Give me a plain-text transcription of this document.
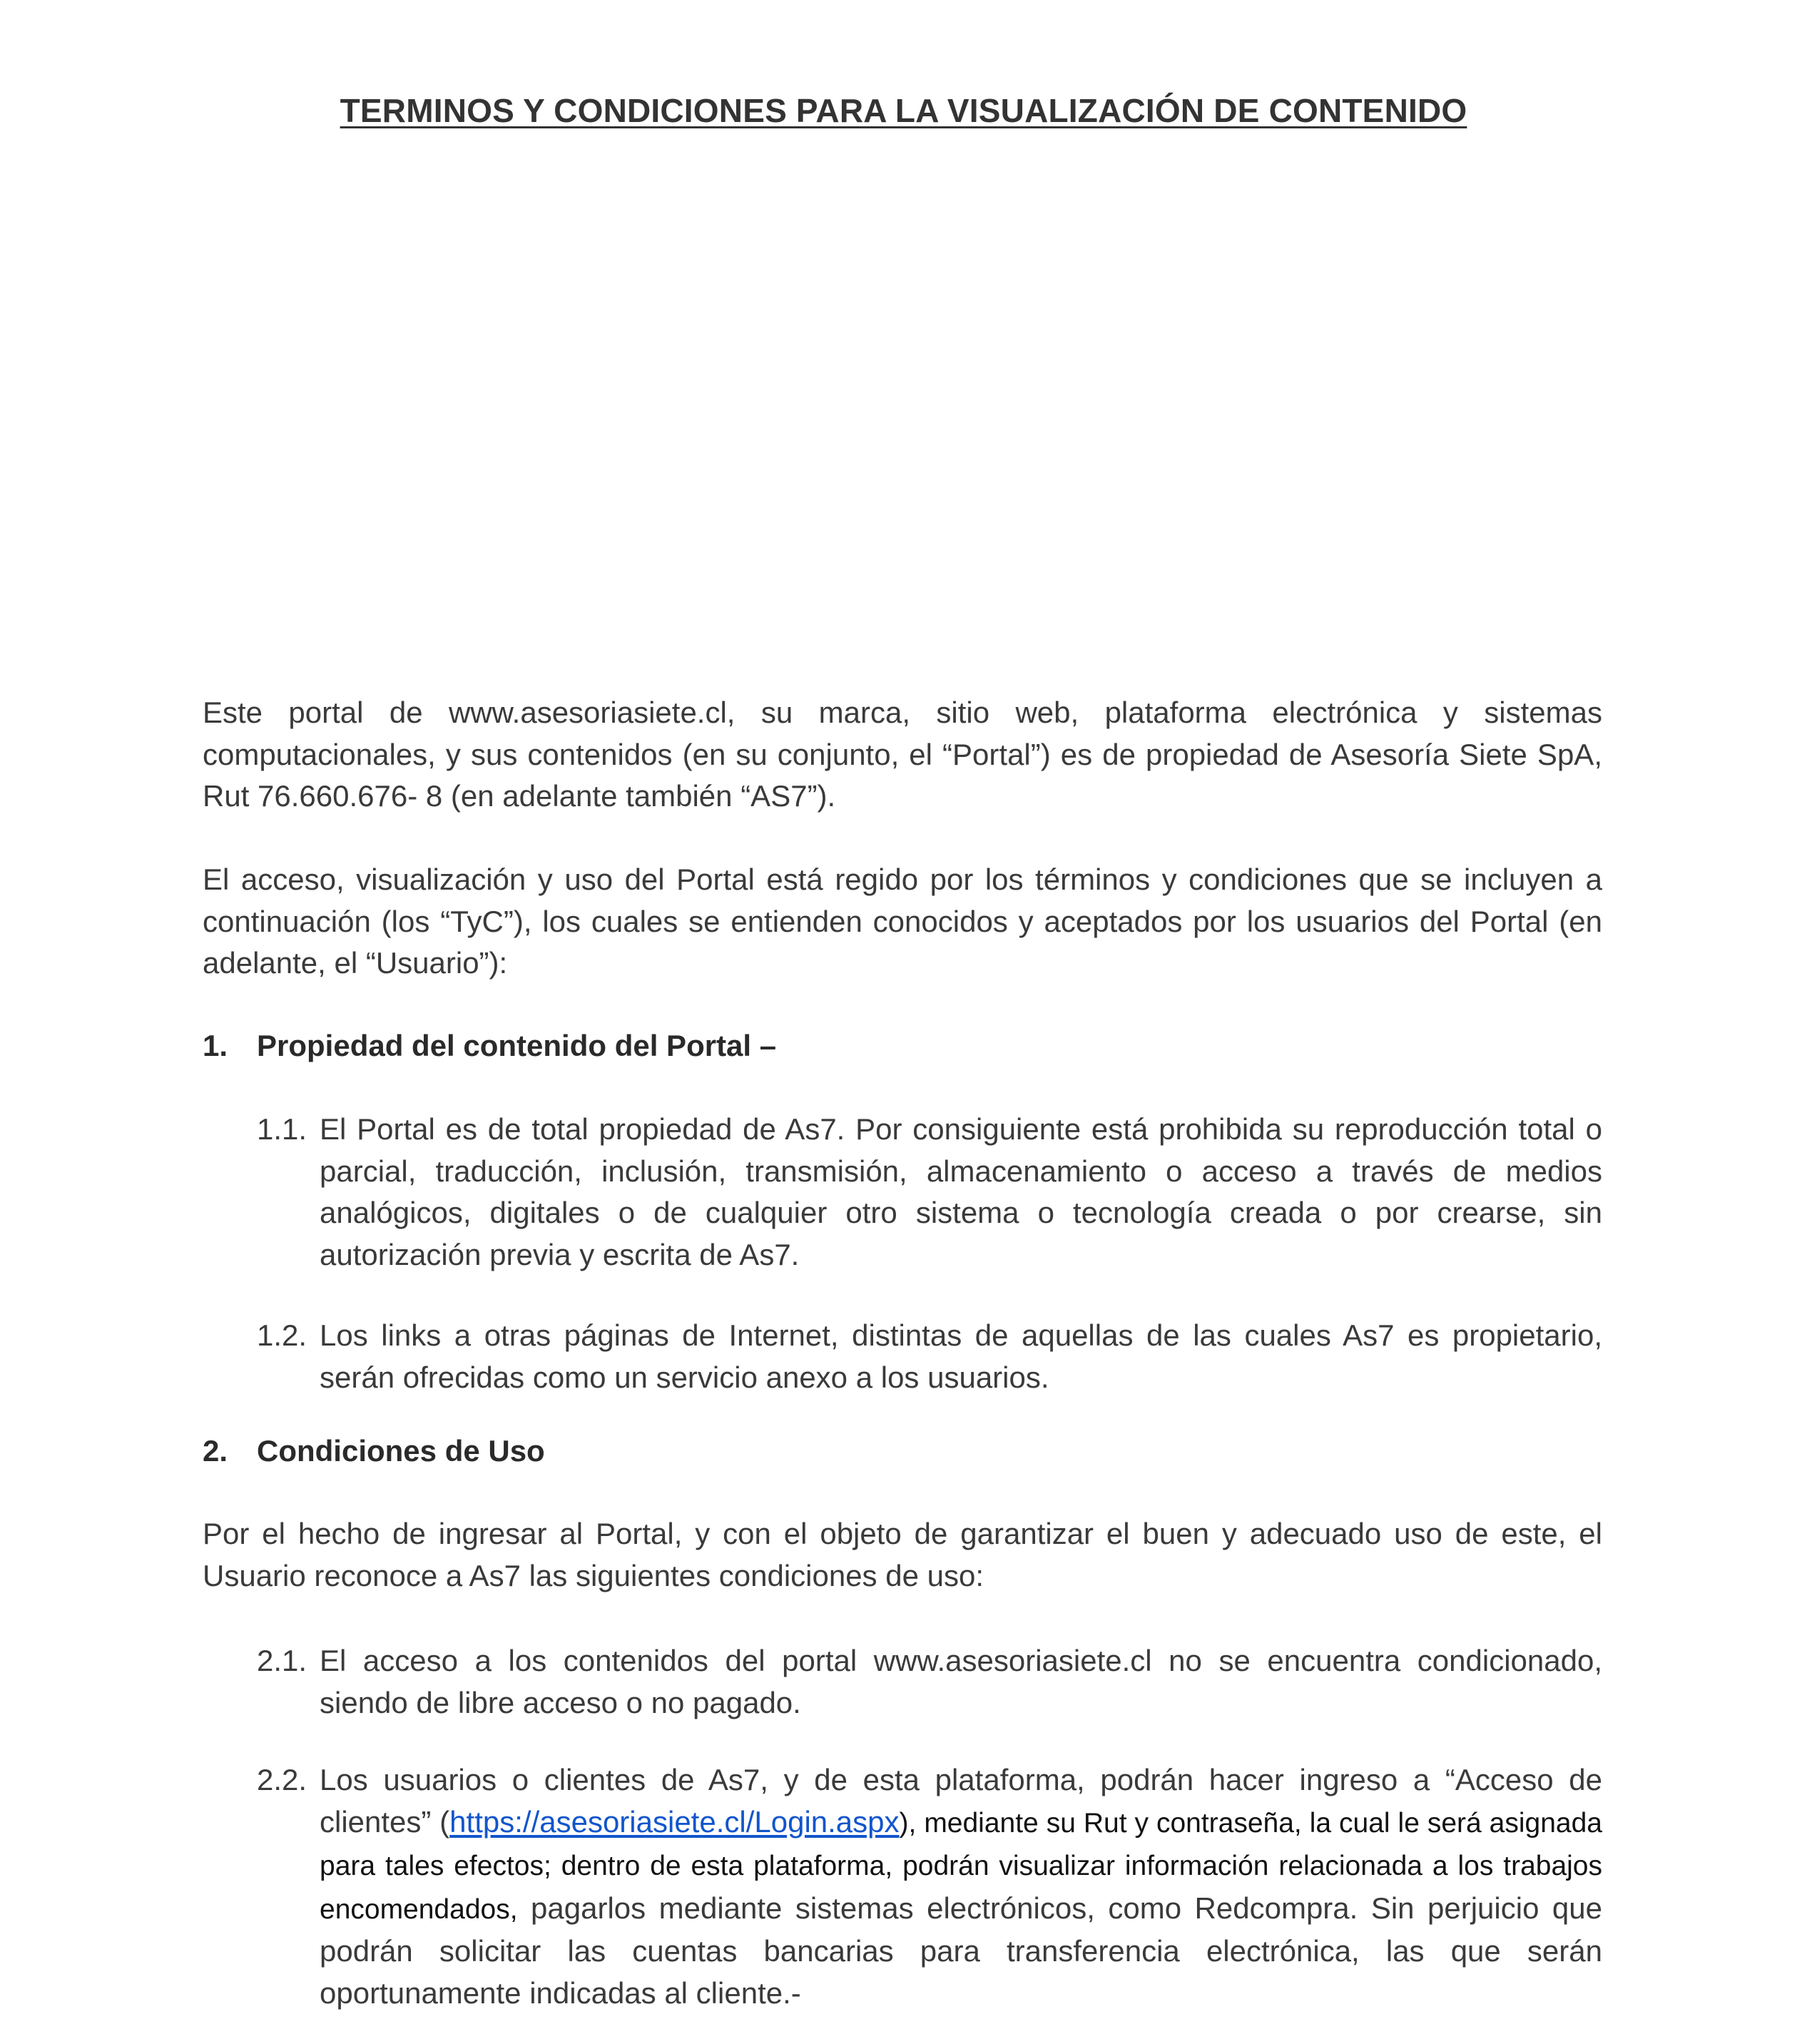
TERMINOS Y CONDICIONES PARA LA VISUALIZACIÓN DE CONTENIDO

Este portal de www.asesoriasiete.cl, su marca, sitio web, plataforma electrónica y sistemas computacionales, y sus contenidos (en su conjunto, el “Portal”) es de propiedad de Asesoría Siete SpA, Rut 76.660.676- 8 (en adelante también “AS7”).

El acceso, visualización y uso del Portal está regido por los términos y condiciones que se incluyen a continuación (los “TyC”), los cuales se entienden conocidos y aceptados por los usuarios del Portal (en adelante, el “Usuario”):

1. Propiedad del contenido del Portal –
1.1. El Portal es de total propiedad de As7. Por consiguiente está prohibida su reproducción total o parcial, traducción, inclusión, transmisión, almacenamiento o acceso a través de medios analógicos, digitales o de cualquier otro sistema o tecnología creada o por crearse, sin autorización previa y escrita de As7.

1.2. Los links a otras páginas de Internet, distintas de aquellas de las cuales As7 es propietario, serán ofrecidas como un servicio anexo a los usuarios.

2. Condiciones de Uso

Por el hecho de ingresar al Portal, y con el objeto de garantizar el buen y adecuado uso de este, el Usuario reconoce a As7 las siguientes condiciones de uso:

2.1. El acceso a los contenidos del portal www.asesoriasiete.cl no se encuentra condicionado, siendo de libre acceso o no pagado.

2.2. Los usuarios o clientes de As7, y de esta plataforma, podrán hacer ingreso a “Acceso de clientes” (https://asesoriasiete.cl/Login.aspx), mediante su Rut y contraseña, la cual le será asignada para tales efectos; dentro de esta plataforma, podrán visualizar información relacionada a los trabajos encomendados, pagarlos mediante sistemas electrónicos, como Redcompra. Sin perjuicio que podrán solicitar las cuentas bancarias para transferencia electrónica, las que serán oportunamente indicadas al cliente.-
